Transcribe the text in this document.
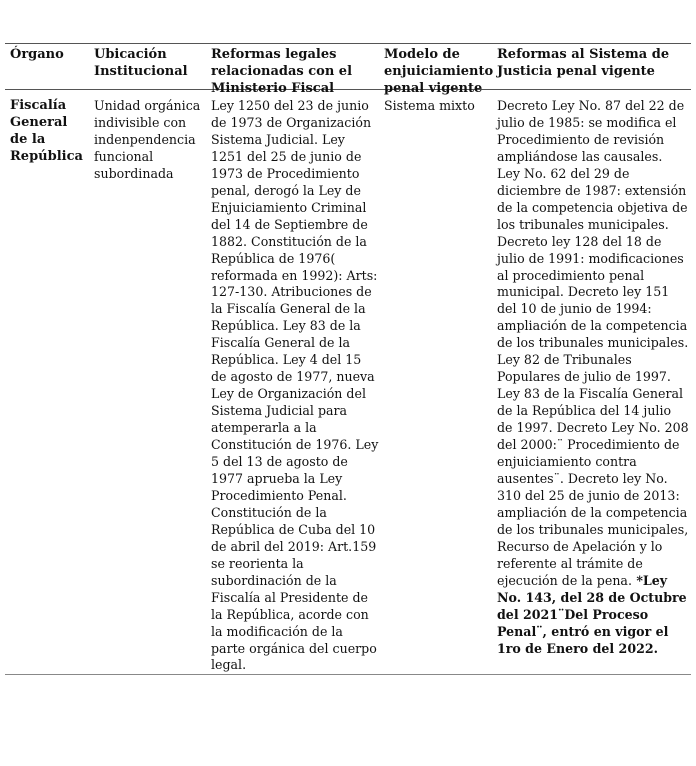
Órgano	Ubicación Institucional
Reformas legales relacionadas con el Ministerio Fiscal
Modelo de enjuiciamiento penal vigente
Reformas al Sistema de Justicia penal vigente
Fiscalía General de la República
Unidad orgánica indivisible con indenpendencia funcional subordinada
Ley 1250 del 23 de junio de 1973 de Organización Sistema Judicial. Ley 1251 del 25 de junio de 1973 de Procedimiento penal, derogó la Ley de Enjuiciamiento Criminal del 14 de Septiembre de 1882. Constitución de la República de 1976( reformada en 1992): Arts: 127-130. Atribuciones de la Fiscalía General de la República. Ley 83 de la Fiscalía General de la República. Ley 4 del 15 de agosto de 1977, nueva Ley de Organización del Sistema Judicial para atemperarla a la Constitución de 1976. Ley 5 del 13 de agosto de 1977 aprueba la Ley Procedimiento Penal. Constitución de la República de Cuba del 10 de abril del 2019: Art.159 se reorienta la subordinación de la Fiscalía al Presidente de la República, acorde con la modificación de la parte orgánica del cuerpo legal.
Sistema mixto	Decreto Ley No. 87 del 22 de julio de 1985: se modifica el Procedimiento de revisión ampliándose las causales. Ley No. 62 del 29 de diciembre de 1987: extensión de la competencia objetiva de los tribunales municipales. Decreto ley 128 del 18 de julio de 1991: modificaciones al procedimiento penal municipal. Decreto ley 151 del 10 de junio de 1994: ampliación de la competencia de los tribunales municipales. Ley 82 de Tribunales Populares de julio de 1997. Ley 83 de la Fiscalía General de la República del 14 julio de 1997. Decreto Ley No. 208 del 2000:¨ Procedimiento de enjuiciamiento contra ausentes¨. Decreto ley No. 310 del 25 de junio de 2013: ampliación de la competencia de los tribunales municipales, Recurso de Apelación y lo referente al trámite de ejecución de la pena. *Ley No. 143, del 28 de Octubre del 2021¨Del Proceso Penal¨, entró en vigor el 1ro de Enero del 2022.
